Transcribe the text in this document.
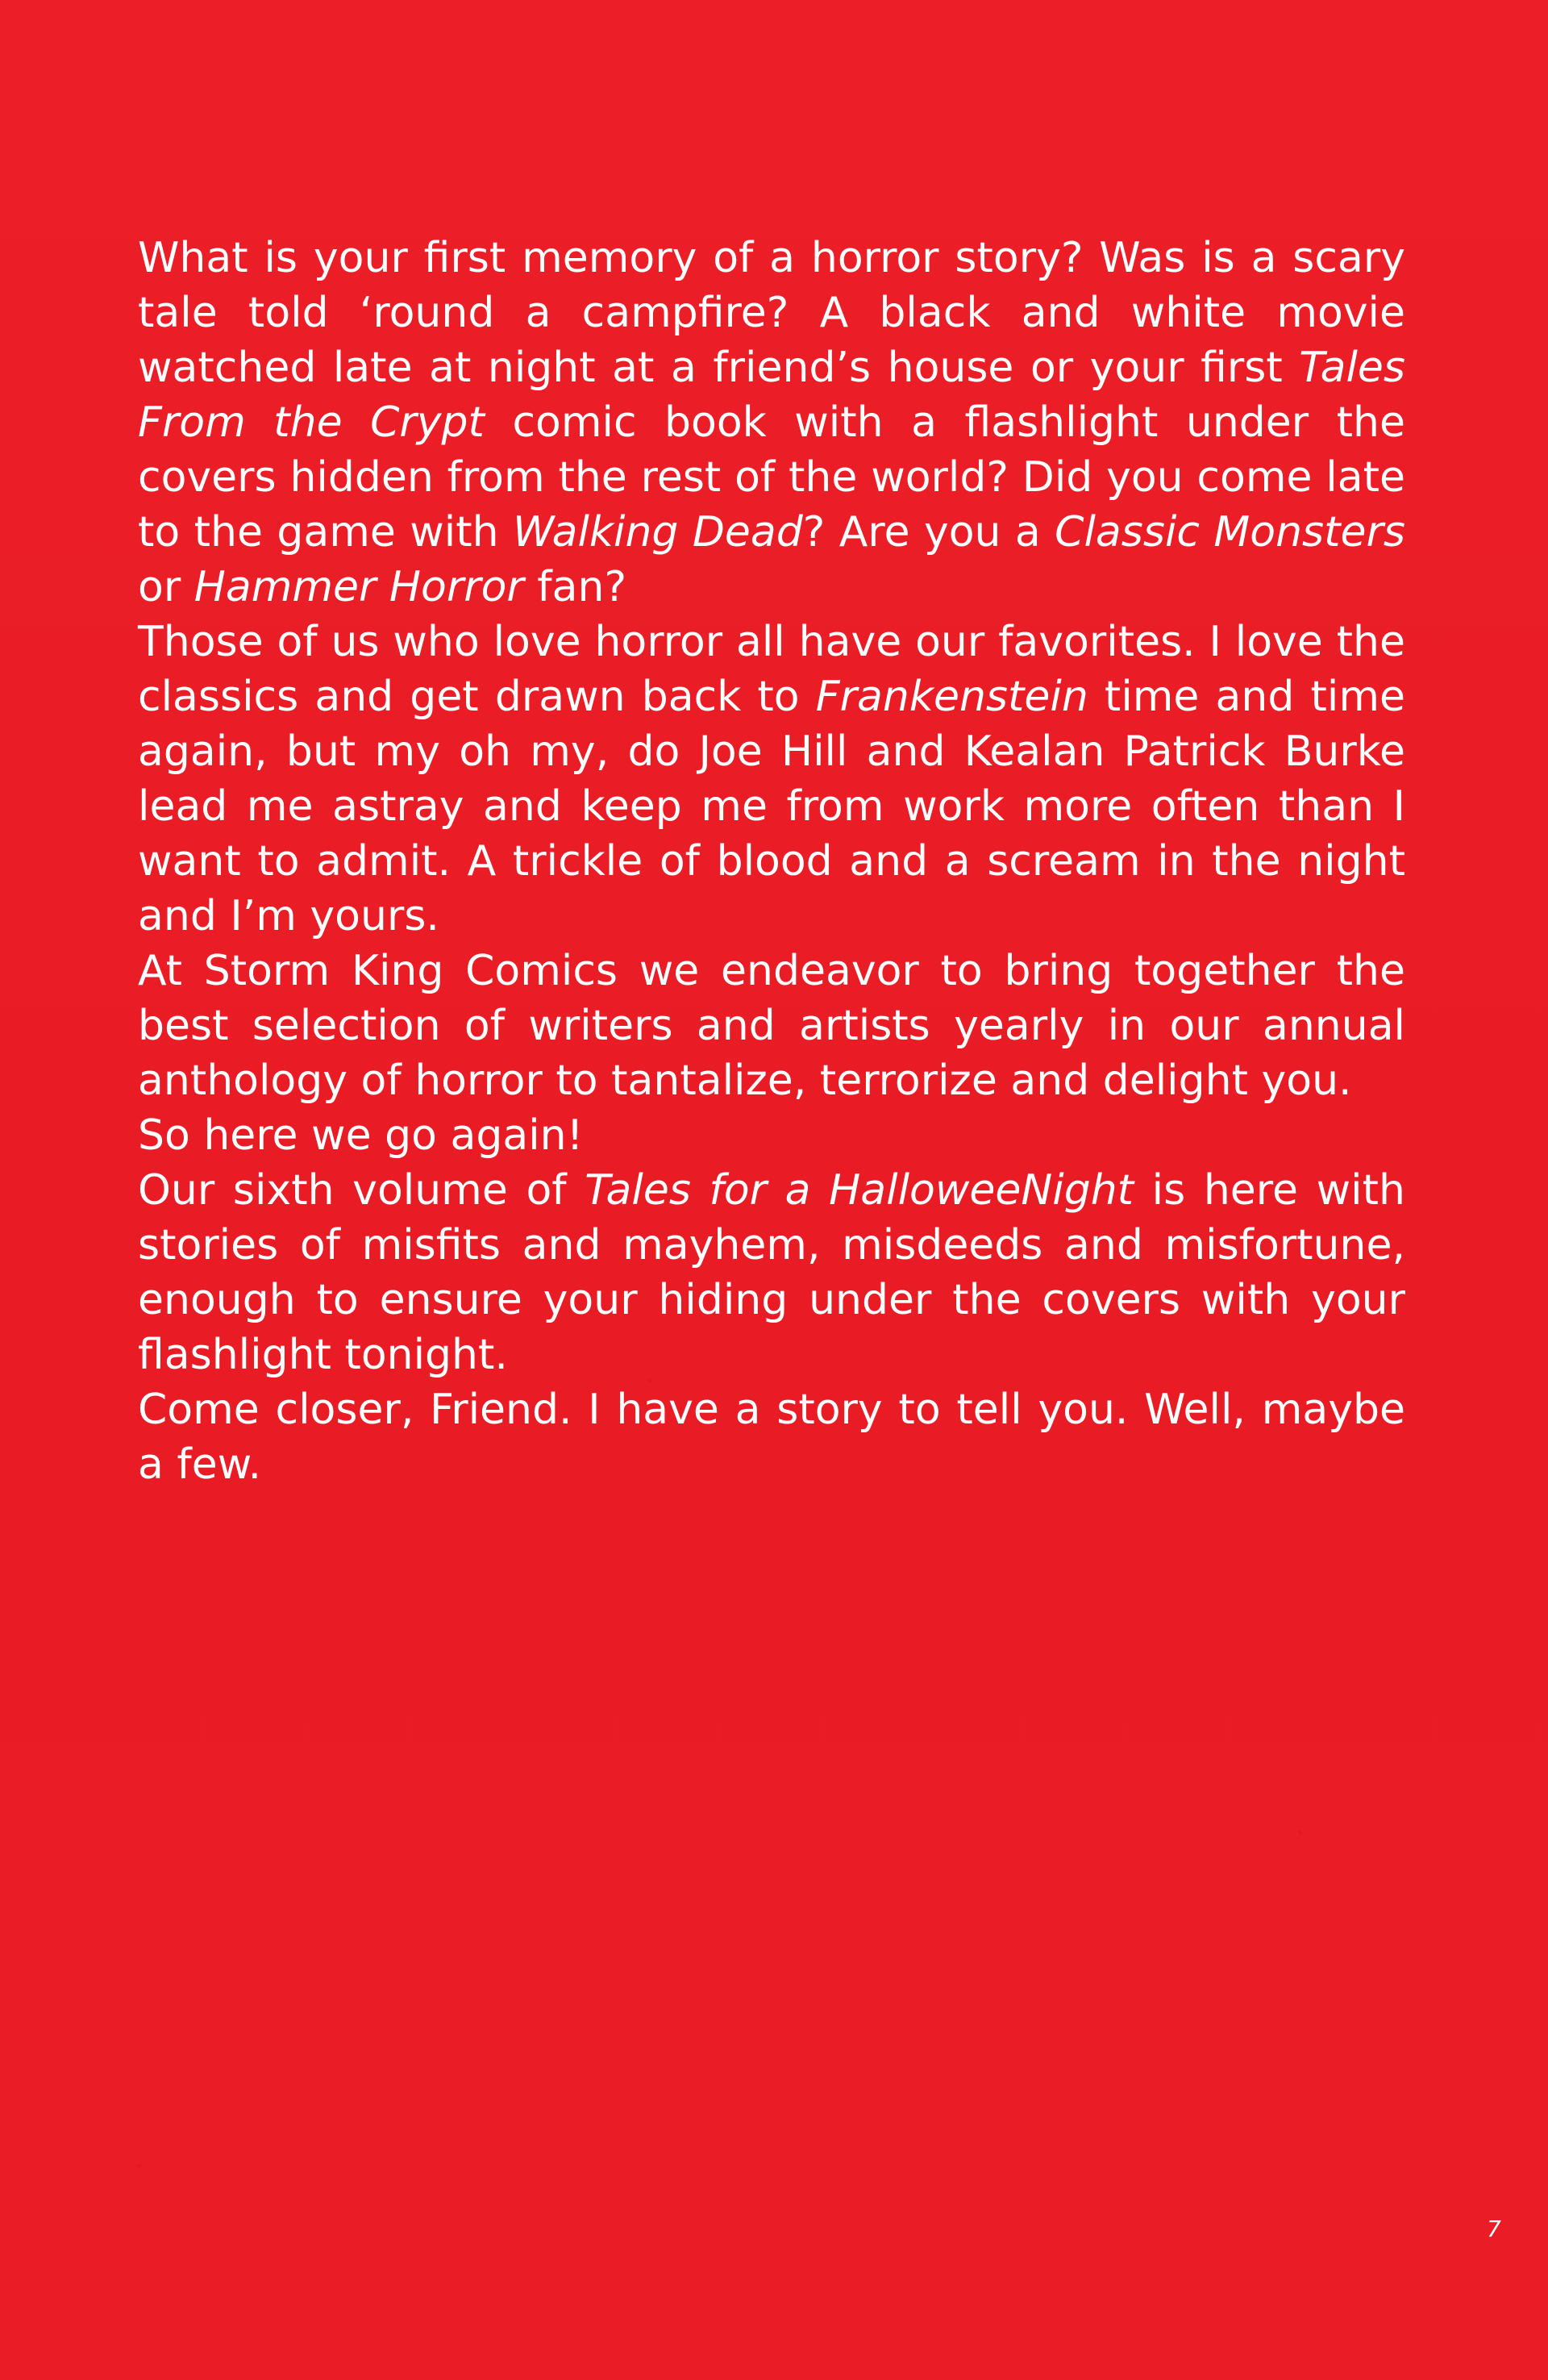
What is your first memory of a horror story? Was is a scary tale told ‘round a campfire? A black and white movie watched late at night at a friend’s house or your first Tales From the Crypt comic book with a flashlight under the covers hidden from the rest of the world? Did you come late to the game with Walking Dead? Are you a Classic Monsters or Hammer Horror fan?

Those of us who love horror all have our favorites. I love the classics and get drawn back to Frankenstein time and time again, but my oh my, do Joe Hill and Kealan Patrick Burke lead me astray and keep me from work more often than I want to admit. A trickle of blood and a scream in the night and I’m yours.

At Storm King Comics we endeavor to bring together the best selection of writers and artists yearly in our annual anthology of horror to tantalize, terrorize and delight you.

So here we go again!

Our sixth volume of Tales for a HalloweeNight is here with stories of misfits and mayhem, misdeeds and misfortune, enough to ensure your hiding under the covers with your flashlight tonight.

Come closer, Friend. I have a story to tell you. Well, maybe a few.

7
